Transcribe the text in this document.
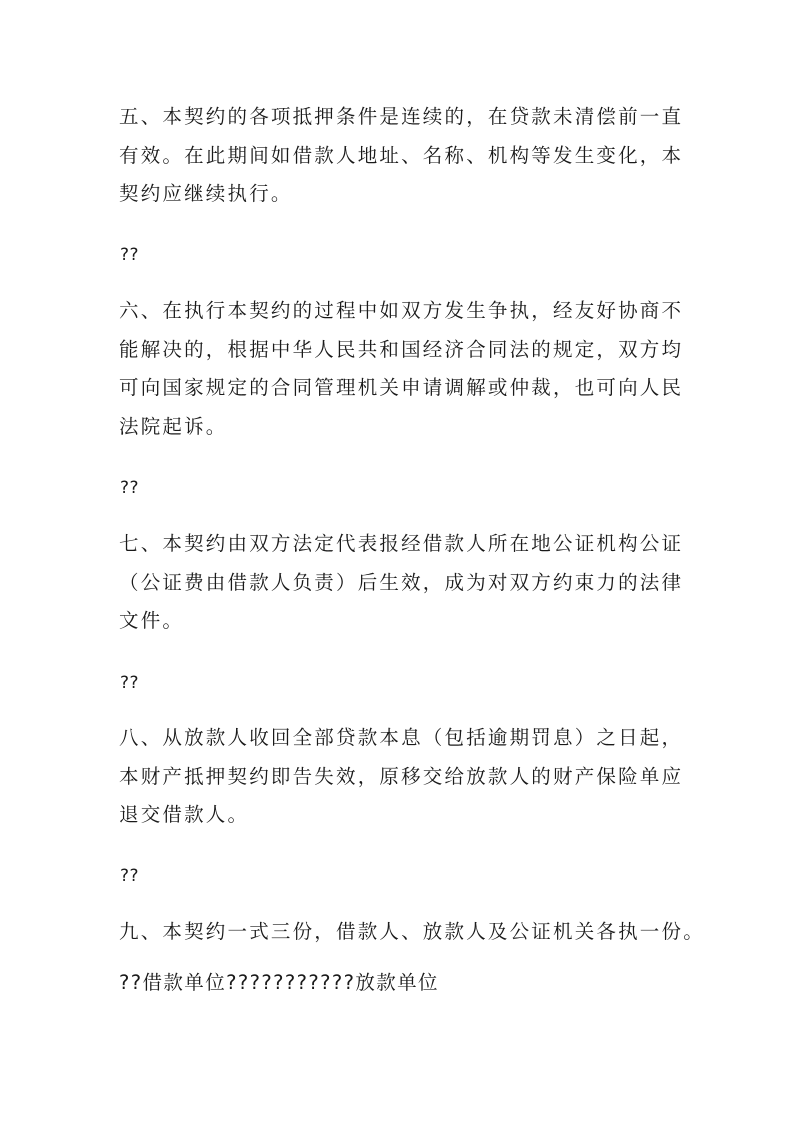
五、本契约的各项抵押条件是连续的，在贷款未清偿前一直
有效。在此期间如借款人地址、名称、机构等发生变化，本
契约应继续执行。

??

六、在执行本契约的过程中如双方发生争执，经友好协商不
能解决的，根据中华人民共和国经济合同法的规定，双方均
可向国家规定的合同管理机关申请调解或仲裁，也可向人民
法院起诉。

??

七、本契约由双方法定代表报经借款人所在地公证机构公证
（公证费由借款人负责）后生效，成为对双方约束力的法律
文件。

??

八、从放款人收回全部贷款本息（包括逾期罚息）之日起，
本财产抵押契约即告失效，原移交给放款人的财产保险单应
退交借款人。

??

九、本契约一式三份，借款人、放款人及公证机关各执一份。

??借款单位???????????放款单位
